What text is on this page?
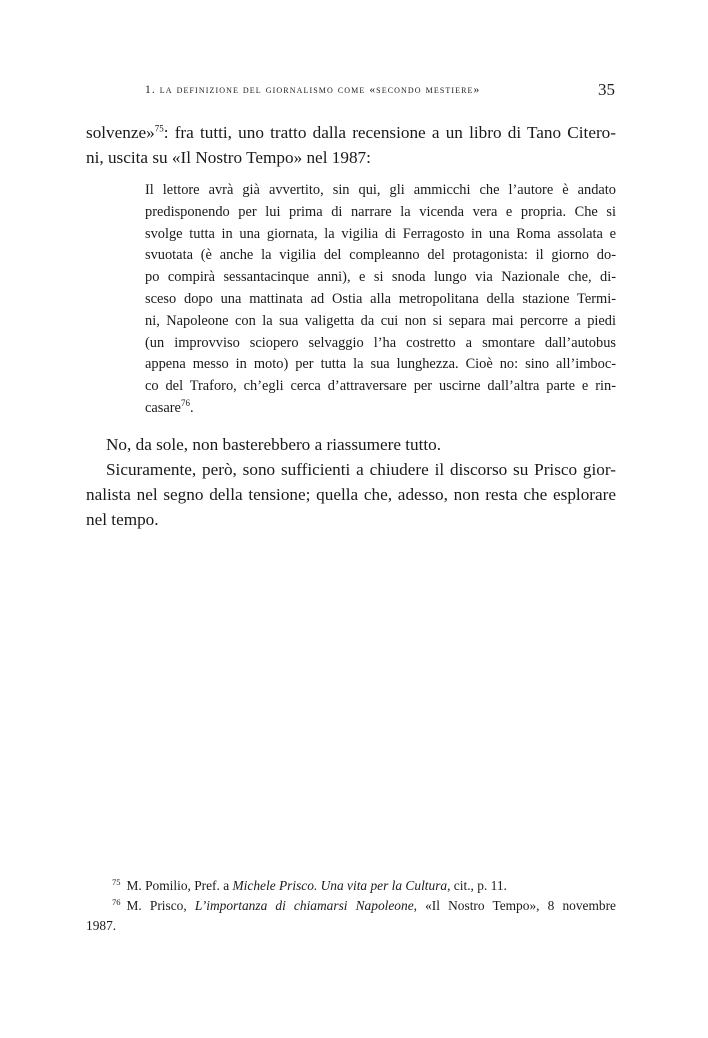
1. la definizione del giornalismo come «secondo mestiere»	35

solvenze»$^{75}$: fra tutti, uno tratto dalla recensione a un libro di Tano Citero-
ni, uscita su «Il Nostro Tempo» nel 1987:

Il lettore avrà già avvertito, sin qui, gli ammicchi che l’autore è andato
predisponendo per lui prima di narrare la vicenda vera e propria. Che si
svolge tutta in una giornata, la vigilia di Ferragosto in una Roma assolata e
svuotata (è anche la vigilia del compleanno del protagonista: il giorno do-
po compirà sessantacinque anni), e si snoda lungo via Nazionale che, di-
sceso dopo una mattinata ad Ostia alla metropolitana della stazione Termi-
ni, Napoleone con la sua valigetta da cui non si separa mai percorre a piedi
(un improvviso sciopero selvaggio l’ha costretto a smontare dall’autobus
appena messo in moto) per tutta la sua lunghezza. Cioè no: sino all’imboc-
co del Traforo, ch’egli cerca d’attraversare per uscirne dall’altra parte e rin-
casare$^{76}$.

No, da sole, non basterebbero a riassumere tutto.

Sicuramente, però, sono sufficienti a chiudere il discorso su Prisco gior-
nalista nel segno della tensione; quella che, adesso, non resta che esplorare
nel tempo.

$^{75}$ M. Pomilio, Pref. a Michele Prisco. Una vita per la Cultura, cit., p. 11.

$^{76}$ M. Prisco, L’importanza di chiamarsi Napoleone, «Il Nostro Tempo», 8 novembre

1987.
